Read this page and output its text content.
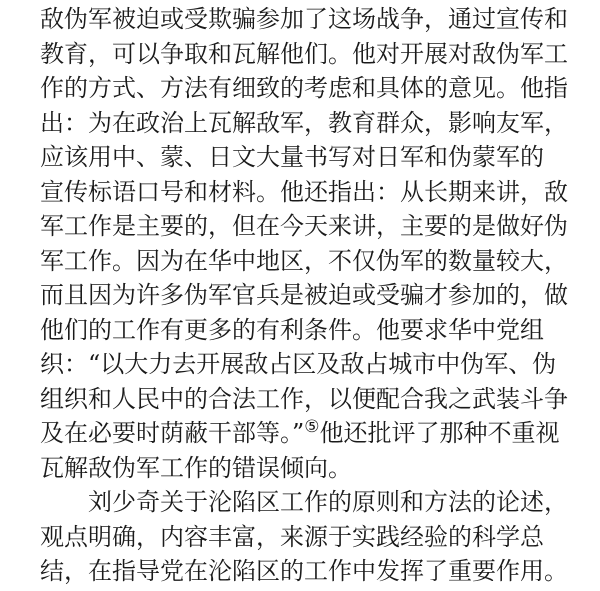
敌伪军被迫或受欺骗参加了这场战争，通过宣传和
教育，可以争取和瓦解他们。他对开展对敌伪军工
作的方式、方法有细致的考虑和具体的意见。他指
出：为在政治上瓦解敌军，教育群众，影响友军，
应该用中、蒙、日文大量书写对日军和伪蒙军的
宣传标语口号和材料。他还指出：从长期来讲，敌
军工作是主要的，但在今天来讲，主要的是做好伪
军工作。因为在华中地区，不仅伪军的数量较大，
而且因为许多伪军官兵是被迫或受骗才参加的，做
他们的工作有更多的有利条件。他要求华中党组
织：“以大力去开展敌占区及敌占城市中伪军、伪
组织和人民中的合法工作，以便配合我之武装斗争
及在必要时荫蔽干部等。”⑤他还批评了那种不重视
瓦解敌伪军工作的错误倾向。
刘少奇关于沦陷区工作的原则和方法的论述，
观点明确，内容丰富，来源于实践经验的科学总
结，在指导党在沦陷区的工作中发挥了重要作用。
